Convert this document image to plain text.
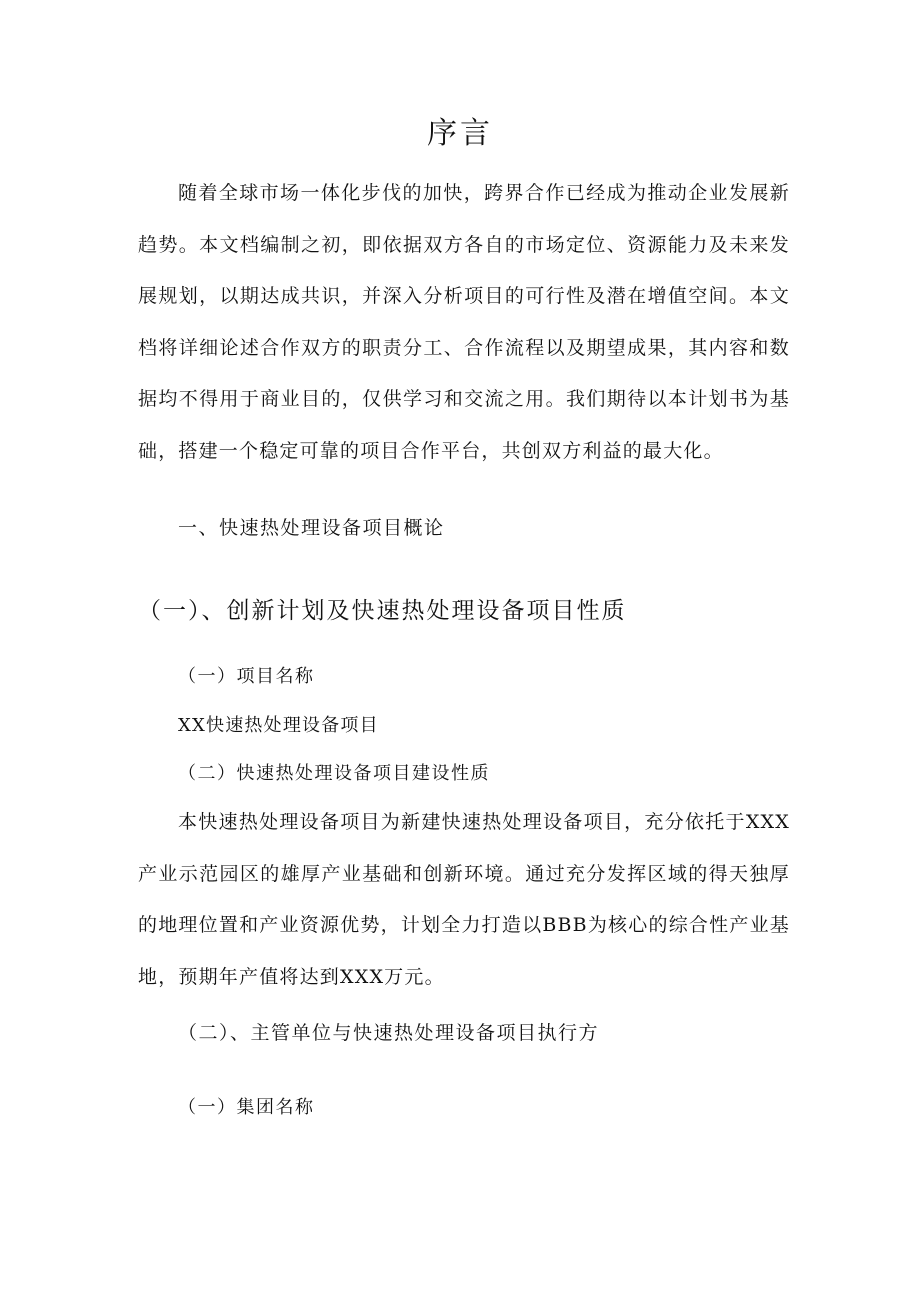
序言

随着全球市场一体化步伐的加快，跨界合作已经成为推动企业发展新趋势。本文档编制之初，即依据双方各自的市场定位、资源能力及未来发展规划，以期达成共识，并深入分析项目的可行性及潜在增值空间。本文档将详细论述合作双方的职责分工、合作流程以及期望成果，其内容和数据均不得用于商业目的，仅供学习和交流之用。我们期待以本计划书为基础，搭建一个稳定可靠的项目合作平台，共创双方利益的最大化。

一、快速热处理设备项目概论
（一）、创新计划及快速热处理设备项目性质
（一）项目名称

XX快速热处理设备项目

（二）快速热处理设备项目建设性质

本快速热处理设备项目为新建快速热处理设备项目，充分依托于XXX产业示范园区的雄厚产业基础和创新环境。通过充分发挥区域的得天独厚的地理位置和产业资源优势，计划全力打造以BBB为核心的综合性产业基地，预期年产值将达到XXX万元。

（二）、主管单位与快速热处理设备项目执行方
（一）集团名称
